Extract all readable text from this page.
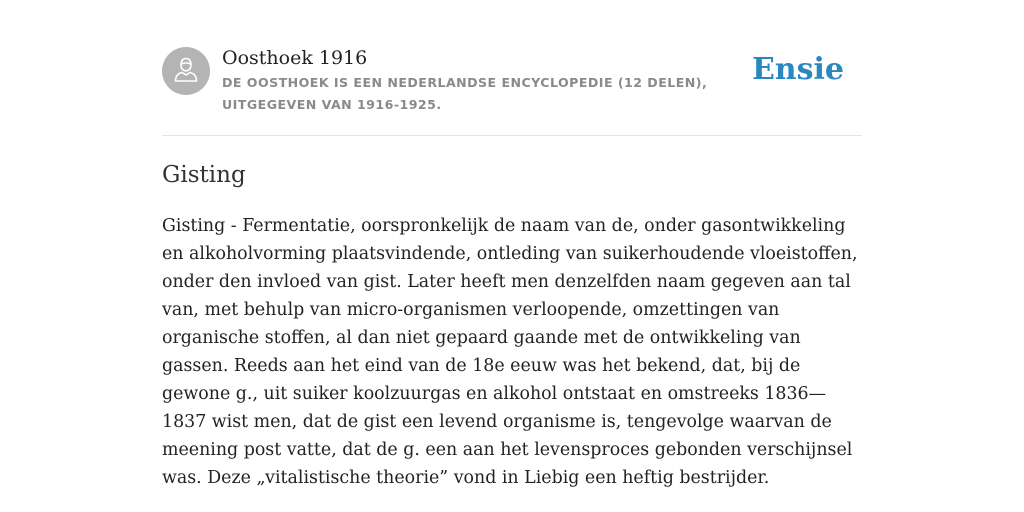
Oosthoek 1916
DE OOSTHOEK IS EEN NEDERLANDSE ENCYCLOPEDIE (12 DELEN), UITGEGEVEN VAN 1916-1925.
Ensie
Gisting

Gisting - Fermentatie, oorspronkelijk de naam van de, onder gasontwikkeling en alkoholvorming plaatsvindende, ontleding van suikerhoudende vloeistoffen, onder den invloed van gist. Later heeft men denzelfden naam gegeven aan tal van, met behulp van micro-organismen verloopende, omzettingen van organische stoffen, al dan niet gepaard gaande met de ontwikkeling van gassen. Reeds aan het eind van de 18e eeuw was het bekend, dat, bij de gewone g., uit suiker koolzuurgas en alkohol ontstaat en omstreeks 1836—1837 wist men, dat de gist een levend organisme is, tengevolge waarvan de meening post vatte, dat de g. een aan het levensproces gebonden verschijnsel was. Deze „vitalistische theorie” vond in Liebig een heftig bestrijder.
